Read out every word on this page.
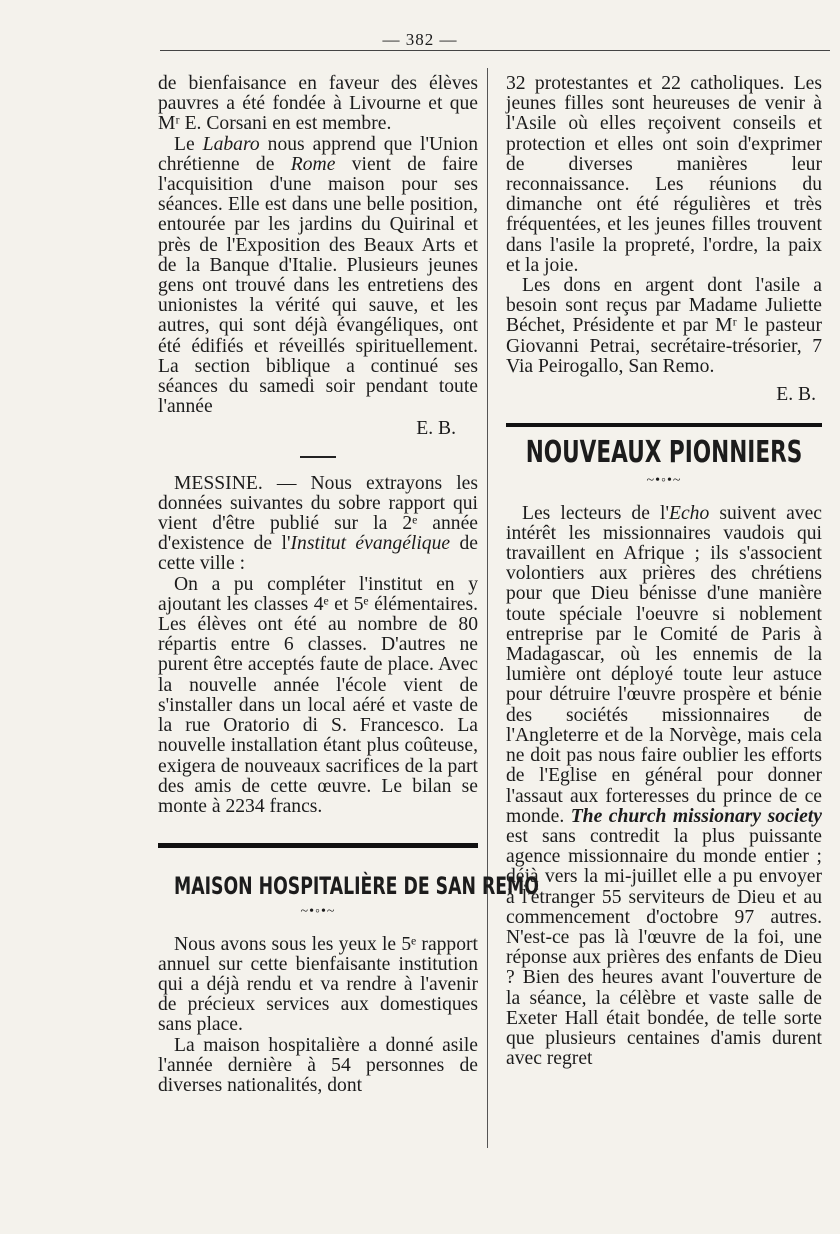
— 382 —

de bienfaisance en faveur des élèves pauvres a été fondée à Livourne et que Mʳ E. Corsani en est membre.

Le Labaro nous apprend que l'Union chrétienne de Rome vient de faire l'acquisition d'une maison pour ses séances. Elle est dans une belle position, entourée par les jardins du Quirinal et près de l'Exposition des Beaux Arts et de la Banque d'Italie. Plusieurs jeunes gens ont trouvé dans les entretiens des unionistes la vérité qui sauve, et les autres, qui sont déjà évangéliques, ont été édifiés et réveillés spirituellement. La section biblique a continué ses séances du samedi soir pendant toute l'année

E. B.

MESSINE. — Nous extrayons les données suivantes du sobre rapport qui vient d'être publié sur la 2ᵉ année d'existence de l'Institut évangélique de cette ville :

On a pu compléter l'institut en y ajoutant les classes 4ᵉ et 5ᵉ élémentaires. Les élèves ont été au nombre de 80 répartis entre 6 classes. D'autres ne purent être acceptés faute de place. Avec la nouvelle année l'école vient de s'installer dans un local aéré et vaste de la rue Oratorio di S. Francesco. La nouvelle installation étant plus coûteuse, exigera de nouveaux sacrifices de la part des amis de cette œuvre. Le bilan se monte à 2234 francs.

MAISON HOSPITALIÈRE DE SAN REMO

~•◦•~

Nous avons sous les yeux le 5ᵉ rapport annuel sur cette bienfaisante institution qui a déjà rendu et va rendre à l'avenir de précieux services aux domestiques sans place.

La maison hospitalière a donné asile l'année dernière à 54 personnes de diverses nationalités, dont

32 protestantes et 22 catholiques. Les jeunes filles sont heureuses de venir à l'Asile où elles reçoivent conseils et protection et elles ont soin d'exprimer de diverses manières leur reconnaissance. Les réunions du dimanche ont été régulières et très fréquentées, et les jeunes filles trouvent dans l'asile la propreté, l'ordre, la paix et la joie.

Les dons en argent dont l'asile a besoin sont reçus par Madame Juliette Béchet, Présidente et par Mʳ le pasteur Giovanni Petrai, secrétaire-trésorier, 7 Via Peirogallo, San Remo.

E. B.

NOUVEAUX PIONNIERS

~•◦•~

Les lecteurs de l'Echo suivent avec intérêt les missionnaires vaudois qui travaillent en Afrique ; ils s'associent volontiers aux prières des chrétiens pour que Dieu bénisse d'une manière toute spéciale l'oeuvre si noblement entreprise par le Comité de Paris à Madagascar, où les ennemis de la lumière ont déployé toute leur astuce pour détruire l'œuvre prospère et bénie des sociétés missionnaires de l'Angleterre et de la Norvège, mais cela ne doit pas nous faire oublier les efforts de l'Eglise en général pour donner l'assaut aux forteresses du prince de ce monde. The church missionary society est sans contredit la plus puissante agence missionnaire du monde entier ; déjà vers la mi-juillet elle a pu envoyer à l'étranger 55 serviteurs de Dieu et au commencement d'octobre 97 autres. N'est-ce pas là l'œuvre de la foi, une réponse aux prières des enfants de Dieu ? Bien des heures avant l'ouverture de la séance, la célèbre et vaste salle de Exeter Hall était bondée, de telle sorte que plusieurs centaines d'amis durent avec regret
